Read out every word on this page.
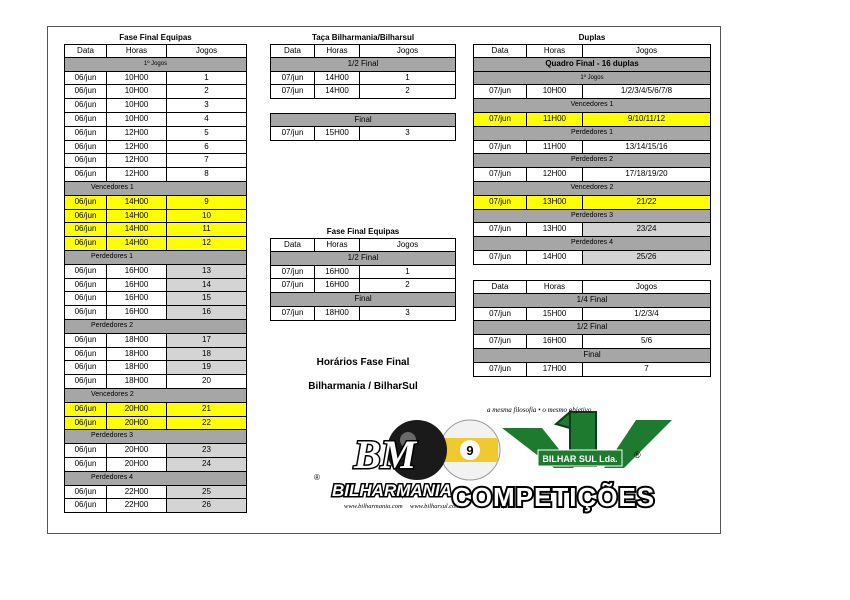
Fase Final Equipas
Data	Horas	Jogos
1º Jogos
06/jun	10H00	1
06/jun	10H00	2
06/jun	10H00	3
06/jun	10H00	4
06/jun	12H00	5
06/jun	12H00	6
06/jun	12H00	7
06/jun	12H00	8
Vencedores 1
06/jun	14H00	9
06/jun	14H00	10
06/jun	14H00	11
06/jun	14H00	12
Perdedores 1
06/jun	16H00	13
06/jun	16H00	14
06/jun	16H00	15
06/jun	16H00	16
Perdedores 2
06/jun	18H00	17
06/jun	18H00	18
06/jun	18H00	19
06/jun	18H00	20
Vencedores 2
06/jun	20H00	21
06/jun	20H00	22
Perdedores 3
06/jun	20H00	23
06/jun	20H00	24
Perdedores 4
06/jun	22H00	25
06/jun	22H00	26
Taça Bilharmania/Bilharsul
Data	Horas	Jogos
1/2 Final
07/jun	14H00	1
07/jun	14H00	2
Final
07/jun	15H00	3
Fase Final Equipas
Data	Horas	Jogos
1/2 Final
07/jun	16H00	1
07/jun	16H00	2
Final
07/jun	18H00	3
Duplas
Data	Horas	Jogos
Quadro Final - 16 duplas
1º Jogos
07/jun	10H00	1/2/3/4/5/6/7/8
Vencedores 1
07/jun	11H00	9/10/11/12
Perdedores 1
07/jun	11H00	13/14/15/16
Perdedores 2
07/jun	12H00	17/18/19/20
Vencedores 2
07/jun	13H00	21/22
Perdedores 3
07/jun	13H00	23/24
Perdedores 4
07/jun	14H00	25/26
Data	Horas	Jogos
1/4 Final
07/jun	15H00	1/2/3/4
1/2 Final
07/jun	16H00	5/6
Final
07/jun	17H00	7
Horários Fase Final
Bilharmania / BilharSul
9
BM
BILHARMANIA
®
www.bilharmania.com www.bilharsul.com
a mesma filosofia • o mesmo objetivo
BILHAR SUL Lda. ®
COMPETIÇÕES
